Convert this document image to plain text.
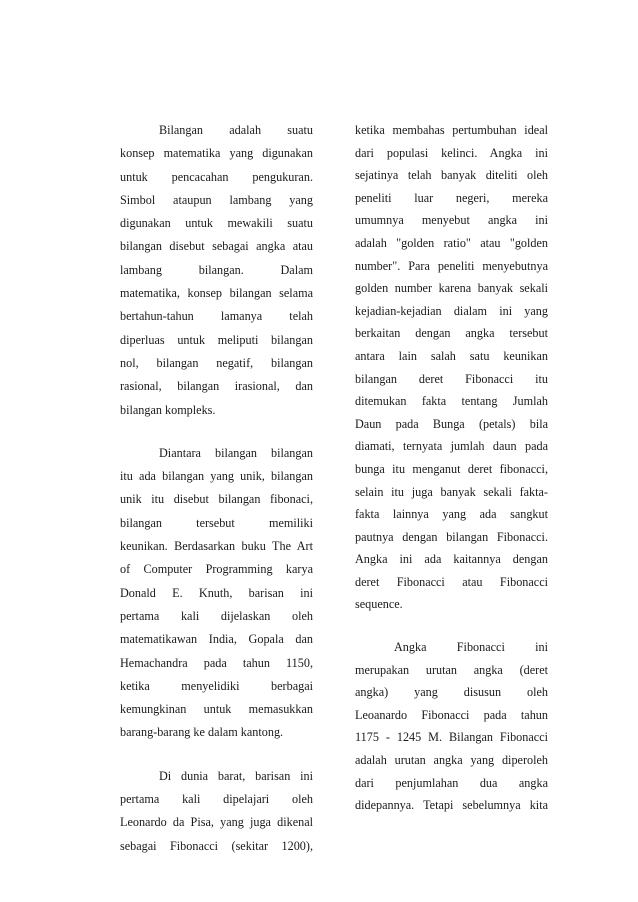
Bilangan adalah suatu
konsep matematika yang digunakan
untuk pencacahan pengukuran.
Simbol ataupun lambang yang
digunakan untuk mewakili suatu
bilangan disebut sebagai angka atau
lambang bilangan. Dalam
matematika, konsep bilangan selama
bertahun-tahun lamanya telah
diperluas untuk meliputi bilangan
nol, bilangan negatif, bilangan
rasional, bilangan irasional, dan
bilangan kompleks.
Diantara bilangan bilangan
itu ada bilangan yang unik, bilangan
unik itu disebut bilangan fibonaci,
bilangan tersebut memiliki
keunikan. Berdasarkan buku The Art
of Computer Programming karya
Donald E. Knuth, barisan ini
pertama kali dijelaskan oleh
matematikawan India, Gopala dan
Hemachandra pada tahun 1150,
ketika menyelidiki berbagai
kemungkinan untuk memasukkan
barang-barang ke dalam kantong.
Di dunia barat, barisan ini
pertama kali dipelajari oleh
Leonardo da Pisa, yang juga dikenal
sebagai Fibonacci (sekitar 1200),
ketika membahas pertumbuhan ideal
dari populasi kelinci. Angka ini
sejatinya telah banyak diteliti oleh
peneliti luar negeri, mereka
umumnya menyebut angka ini
adalah "golden ratio" atau "golden
number". Para peneliti menyebutnya
golden number karena banyak sekali
kejadian-kejadian dialam ini yang
berkaitan dengan angka tersebut
antara lain salah satu keunikan
bilangan deret Fibonacci itu
ditemukan fakta tentang Jumlah
Daun pada Bunga (petals) bila
diamati, ternyata jumlah daun pada
bunga itu menganut deret fibonacci,
selain itu juga banyak sekali fakta-
fakta lainnya yang ada sangkut
pautnya dengan bilangan Fibonacci.
Angka ini ada kaitannya dengan
deret Fibonacci atau Fibonacci
sequence.
Angka Fibonacci ini
merupakan urutan angka (deret
angka) yang disusun oleh
Leoanardo Fibonacci pada tahun
1175 - 1245 M. Bilangan Fibonacci
adalah urutan angka yang diperoleh
dari penjumlahan dua angka
didepannya. Tetapi sebelumnya kita
